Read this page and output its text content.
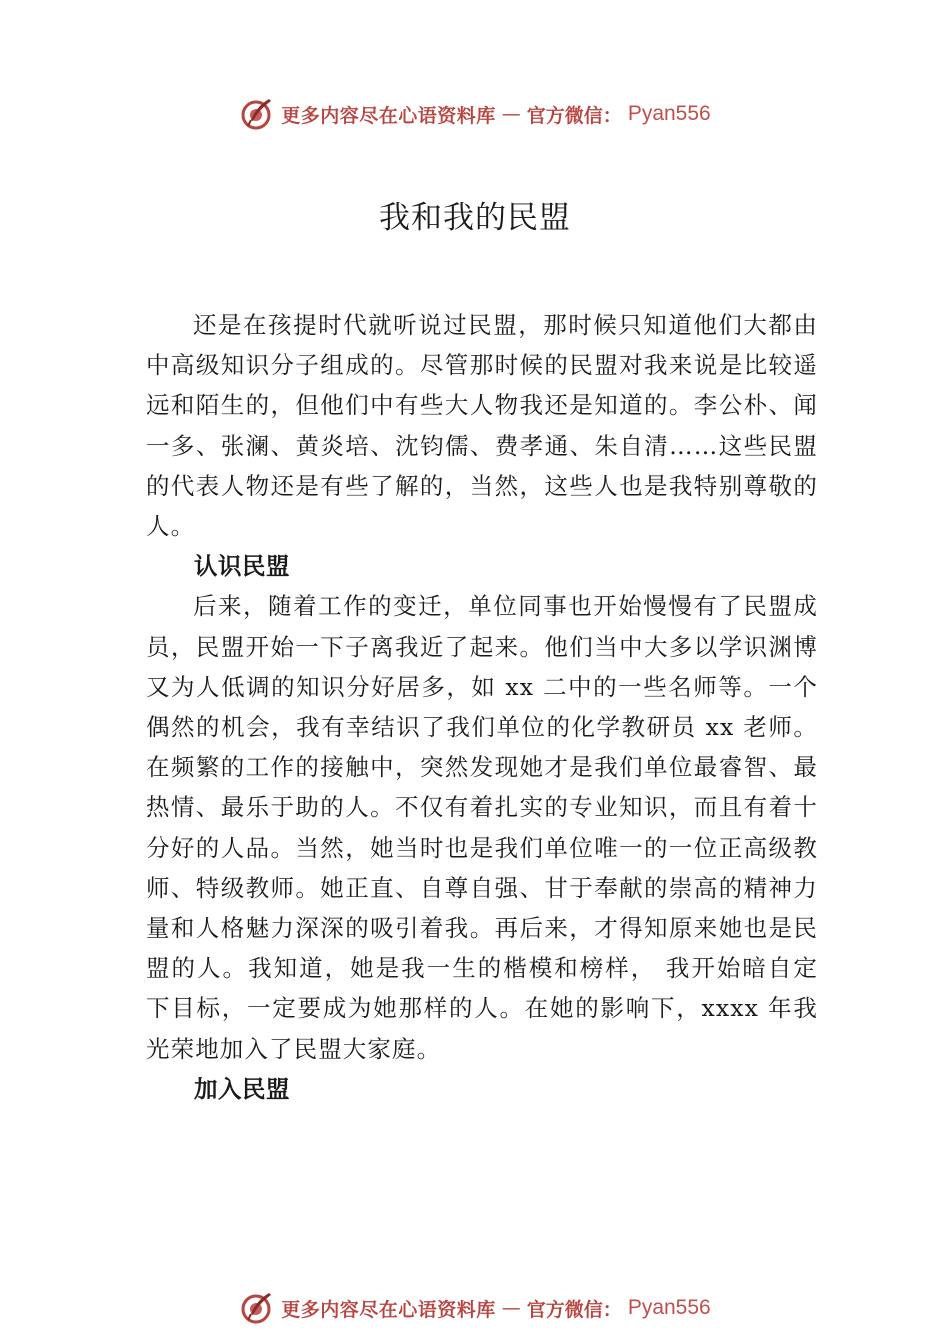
更多内容尽在心语资料库 — 官方微信： Pyan556
我和我的民盟

还是在孩提时代就听说过民盟，那时候只知道他们大都由中高级知识分子组成的。尽管那时候的民盟对我来说是比较遥远和陌生的，但他们中有些大人物我还是知道的。李公朴、闻一多、张澜、黄炎培、沈钧儒、费孝通、朱自清……这些民盟的代表人物还是有些了解的，当然，这些人也是我特别尊敬的人。

认识民盟

后来，随着工作的变迁，单位同事也开始慢慢有了民盟成员，民盟开始一下子离我近了起来。他们当中大多以学识渊博又为人低调的知识分好居多，如 xx 二中的一些名师等。一个偶然的机会，我有幸结识了我们单位的化学教研员 xx 老师。在频繁的工作的接触中，突然发现她才是我们单位最睿智、最热情、最乐于助的人。不仅有着扎实的专业知识，而且有着十分好的人品。当然，她当时也是我们单位唯一的一位正高级教师、特级教师。她正直、自尊自强、甘于奉献的崇高的精神力量和人格魅力深深的吸引着我。再后来，才得知原来她也是民盟的人。我知道，她是我一生的楷模和榜样， 我开始暗自定下目标，一定要成为她那样的人。在她的影响下，xxxx 年我光荣地加入了民盟大家庭。

加入民盟

更多内容尽在心语资料库 — 官方微信： Pyan556
